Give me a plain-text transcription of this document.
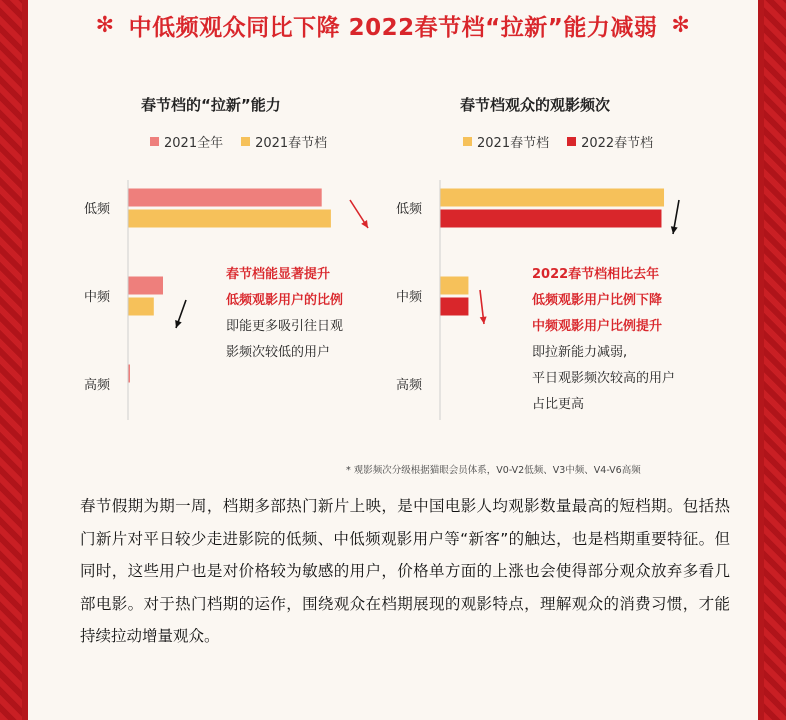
✻ 中低频观众同比下降 2022春节档“拉新”能力减弱 ✻
春节档的“拉新”能力
2021全年 2021春节档
春节档能显著提升
低频观影用户的比例
即能更多吸引往日观
影频次较低的用户
春节档观众的观影频次
2021春节档 2022春节档
2022春节档相比去年
低频观影用户比例下降
中频观影用户比例提升
即拉新能力减弱,
平日观影频次较高的用户
占比更高
低频
中频
高频
低频
中频
高频
* 观影频次分级根据猫眼会员体系，V0-V2低频、V3中频、V4-V6高频
春节假期为期一周，档期多部热门新片上映，是中国电影人均观影数量最高的短档期。包括热门新片对平日较少走进影院的低频、中低频观影用户等“新客”的触达，也是档期重要特征。但同时，这些用户也是对价格较为敏感的用户，价格单方面的上涨也会使得部分观众放弃多看几部电影。对于热门档期的运作，围绕观众在档期展现的观影特点，理解观众的消费习惯，才能持续拉动增量观众。
